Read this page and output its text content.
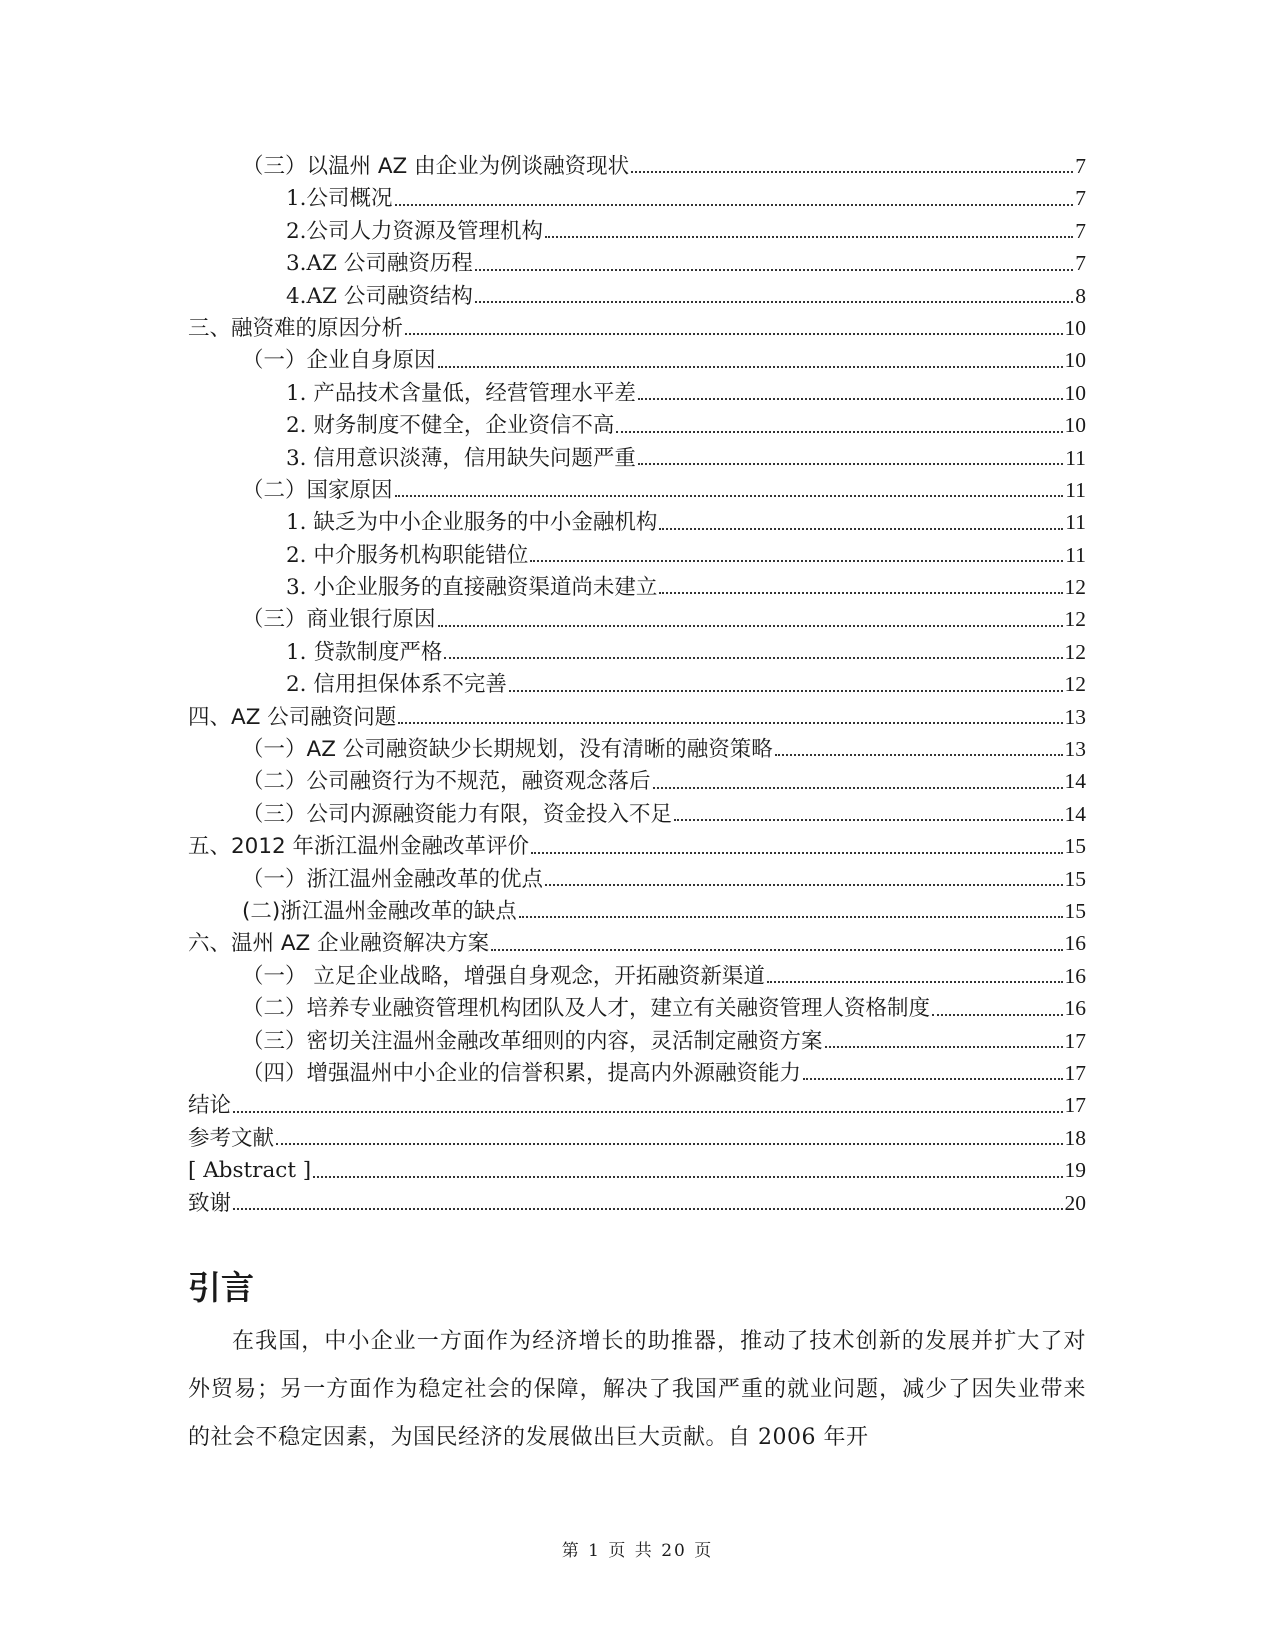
（三）以温州 AZ 由企业为例谈融资现状	7
1.公司概况	7
2.公司人力资源及管理机构	7
3.AZ 公司融资历程	7
4.AZ 公司融资结构	8
三、融资难的原因分析	10
（一）企业自身原因	10
1. 产品技术含量低，经营管理水平差	10
2. 财务制度不健全，企业资信不高	10
3. 信用意识淡薄，信用缺失问题严重	11
（二）国家原因	11
1. 缺乏为中小企业服务的中小金融机构	11
2. 中介服务机构职能错位	11
3. 小企业服务的直接融资渠道尚未建立	12
（三）商业银行原因	12
1. 贷款制度严格	12
2. 信用担保体系不完善	12
四、AZ 公司融资问题	13
（一）AZ 公司融资缺少长期规划，没有清晰的融资策略	13
（二）公司融资行为不规范，融资观念落后	14
（三）公司内源融资能力有限，资金投入不足	14
五、2012 年浙江温州金融改革评价	15
（一）浙江温州金融改革的优点	15
(二)浙江温州金融改革的缺点	15
六、温州 AZ 企业融资解决方案	16
（一） 立足企业战略，增强自身观念，开拓融资新渠道	16
（二）培养专业融资管理机构团队及人才，建立有关融资管理人资格制度	16
（三）密切关注温州金融改革细则的内容，灵活制定融资方案	17
（四）增强温州中小企业的信誉积累，提高内外源融资能力	17
结论	17
参考文献	18
[ Abstract ]	19
致谢	20
引言

在我国，中小企业一方面作为经济增长的助推器，推动了技术创新的发展并扩大了对外贸易；另一方面作为稳定社会的保障，解决了我国严重的就业问题，减少了因失业带来的社会不稳定因素，为国民经济的发展做出巨大贡献。自 2006 年开

第 1 页 共 20 页
